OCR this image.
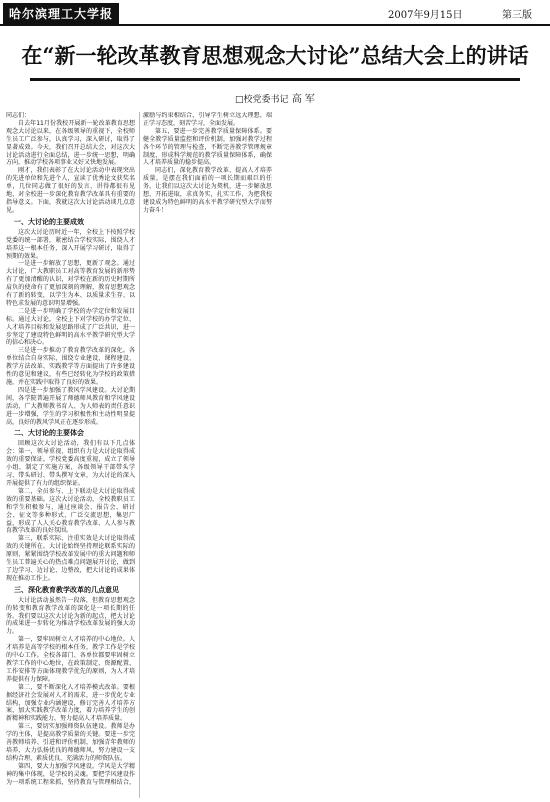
哈尔滨理工大学报	2007年9月15日	第三版
在“新一轮改革教育思想观念大讨论”总结大会上的讲话
□校党委书记 高 军

同志们：

自去年11月份我校开展新一轮改革教育思想观念大讨论以来，在各级领导的重视下，全校师生员工广泛参与，认真学习，深入研讨，取得了显著成效。今天，我们召开总结大会，对这次大讨论活动进行全面总结，进一步统一思想，明确方向，推动学校各项事业又好又快地发展。

刚才，我们表彰了在大讨论活动中表现突出的先进单位和先进个人，宣读了优秀论文获奖名单，几位同志做了很好的发言，讲得都很有见地，对全校进一步深化教育教学改革具有重要的指导意义。下面，我就这次大讨论活动谈几点意见。

一、大讨论的主要成效

这次大讨论历时近一年，全校上下按照学校党委的统一部署，紧密结合学校实际，围绕人才培养这一根本任务，深入开展学习研讨，取得了预期的效果。

一是进一步解放了思想，更新了观念。通过大讨论，广大教职员工对高等教育发展的新形势有了更加清醒的认识，对学校在新的历史时期所肩负的使命有了更加深刻的理解，教育思想观念有了新的转变，以学生为本、以质量求生存、以特色求发展的意识明显增强。

二是进一步明确了学校的办学定位和发展目标。通过大讨论，全校上下对学校的办学定位、人才培养目标和发展思路形成了广泛共识，进一步坚定了建设特色鲜明的高水平教学研究型大学的信心和决心。

三是进一步推动了教育教学改革的深化。各单位结合自身实际，围绕专业建设、课程建设、教学方法改革、实践教学等方面提出了许多建设性的意见和建议，有些已经转化为学校的政策措施，并在实践中取得了良好的效果。

四是进一步加强了教风学风建设。大讨论期间，各学院普遍开展了师德师风教育和学风建设活动，广大教师教书育人、为人师表的责任意识进一步增强，学生的学习积极性和主动性明显提高，良好的教风学风正在逐步形成。

二、大讨论的主要体会

回顾这次大讨论活动，我们有以下几点体会：第一，领导重视、组织有力是大讨论取得成效的重要保证。学校党委高度重视，成立了领导小组，制定了实施方案，各级领导干部带头学习、带头研讨、带头撰写文章，为大讨论的深入开展提供了有力的组织保证。

第二，全员参与、上下联动是大讨论取得成效的重要基础。这次大讨论活动，全校教职员工和学生积极参与，通过座谈会、报告会、研讨会、征文等多种形式，广泛交流思想，集思广益，形成了人人关心教育教学改革、人人参与教育教学改革的良好氛围。

第三，联系实际、注重实效是大讨论取得成效的关键所在。大讨论始终坚持理论联系实际的原则，紧紧围绕学校改革发展中的重大问题和师生员工普遍关心的热点难点问题展开讨论，做到了边学习、边讨论、边整改，把大讨论的成果体现在推动工作上。

三、深化教育教学改革的几点意见

大讨论活动虽然告一段落，但教育思想观念的转变和教育教学改革的深化是一项长期的任务。我们要以这次大讨论为新的起点，把大讨论的成果进一步转化为推动学校改革发展的强大动力。

第一，要牢固树立人才培养的中心地位。人才培养是高等学校的根本任务，教学工作是学校的中心工作。全校各部门、各单位都要牢固树立教学工作的中心地位，在政策制定、资源配置、工作安排等方面体现教学优先的原则，为人才培养提供有力保障。

第二，要不断深化人才培养模式改革。要根据经济社会发展对人才的需求，进一步优化专业结构，加强专业内涵建设，修订完善人才培养方案，加大实践教学改革力度，着力培养学生的创新精神和实践能力，努力提高人才培养质量。

第三，要切实加强师资队伍建设。教师是办学的主体，是提高教学质量的关键。要进一步完善教师培养、引进和评价机制，加强青年教师的培养，大力弘扬优良的师德师风，努力建设一支结构合理、素质优良、充满活力的师资队伍。

第四，要大力加强学风建设。学风是大学精神的集中体现，是学校的灵魂。要把学风建设作为一项系统工程来抓，坚持教育与管理相结合，激励与约束相结合，引导学生树立远大理想，端正学习态度，刻苦学习，全面发展。

第五，要进一步完善教学质量保障体系。要健全教学质量监控和评价机制，加强对教学过程各个环节的管理与检查，不断完善教学管理规章制度，形成科学规范的教学质量保障体系，确保人才培养质量的稳步提高。

同志们，深化教育教学改革、提高人才培养质量，是摆在我们面前的一项长期而艰巨的任务。让我们以这次大讨论为契机，进一步解放思想，开拓进取，求真务实，扎实工作，为把我校建设成为特色鲜明的高水平教学研究型大学而努力奋斗！
